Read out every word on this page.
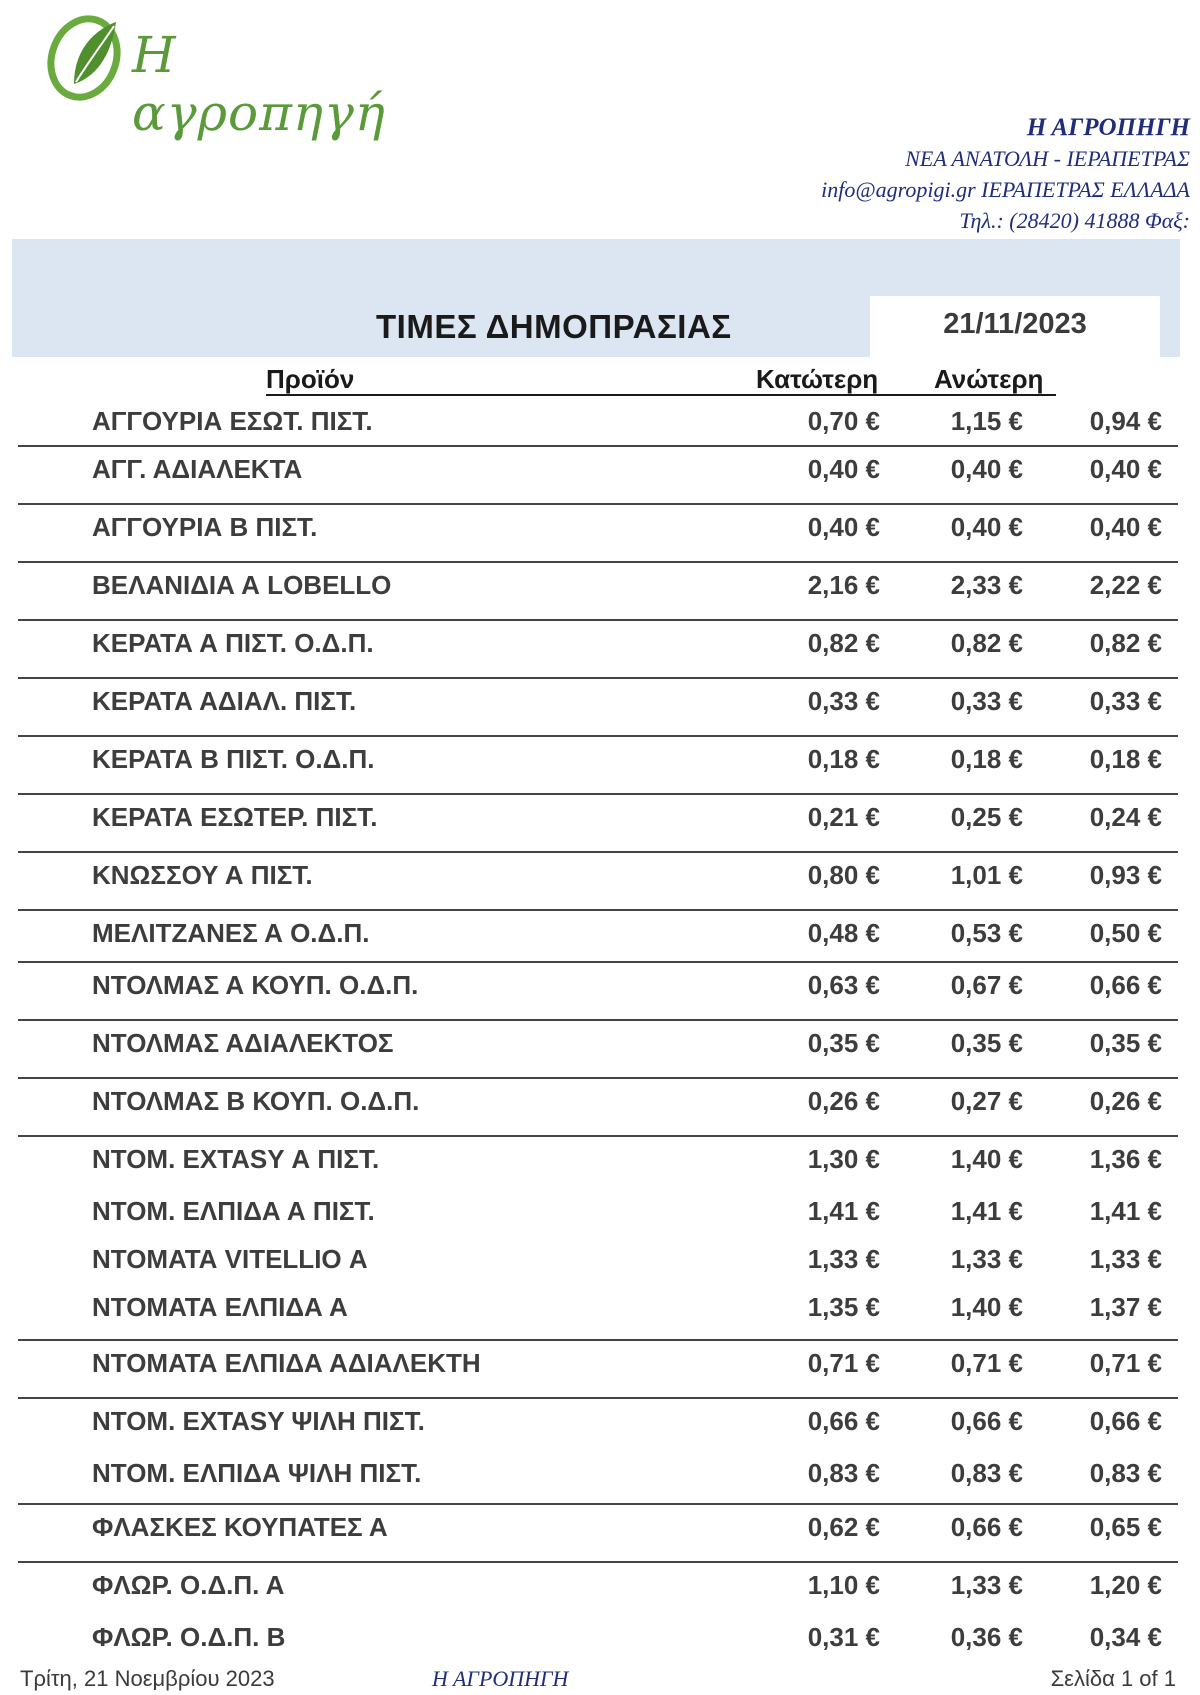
Η αγροπηγή	Η ΑΓΡΟΠΗΓΗ
ΝΕΑ ΑΝΑΤΟΛΗ - ΙΕΡΑΠΕΤΡΑΣ
info@agropigi.gr ΙΕΡΑΠΕΤΡΑΣ ΕΛΛΑΔΑ
Τηλ.: (28420) 41888 Φαξ:
ΤΙΜΕΣ ΔΗΜΟΠΡΑΣΙΑΣ	21/11/2023
Προϊόν	Κατώτερη Ανώτερη
ΑΓΓΟΥΡΙΑ ΕΣΩΤ. ΠΙΣΤ.	0,70 €	1,15 €	0,94 €
ΑΓΓ. ΑΔΙΑΛΕΚΤΑ	0,40 €	0,40 €	0,40 €
ΑΓΓΟΥΡΙΑ Β ΠΙΣΤ.	0,40 €	0,40 €	0,40 €
ΒΕΛΑΝΙΔΙΑ Α LOBELLO	2,16 €	2,33 €	2,22 €
ΚΕΡΑΤΑ Α ΠΙΣΤ. Ο.Δ.Π.	0,82 €	0,82 €	0,82 €
ΚΕΡΑΤΑ ΑΔΙΑΛ. ΠΙΣΤ.	0,33 €	0,33 €	0,33 €
ΚΕΡΑΤΑ Β ΠΙΣΤ. Ο.Δ.Π.	0,18 €	0,18 €	0,18 €
ΚΕΡΑΤΑ ΕΣΩΤΕΡ. ΠΙΣΤ.	0,21 €	0,25 €	0,24 €
ΚΝΩΣΣΟΥ Α ΠΙΣΤ.	0,80 €	1,01 €	0,93 €
ΜΕΛΙΤΖΑΝΕΣ Α Ο.Δ.Π.	0,48 €	0,53 €	0,50 €
ΝΤΟΛΜΑΣ Α ΚΟΥΠ. Ο.Δ.Π.	0,63 €	0,67 €	0,66 €
ΝΤΟΛΜΑΣ ΑΔΙΑΛΕΚΤΟΣ	0,35 €	0,35 €	0,35 €
ΝΤΟΛΜΑΣ Β ΚΟΥΠ. Ο.Δ.Π.	0,26 €	0,27 €	0,26 €
ΝΤΟΜ. EXTASY Α ΠΙΣΤ.	1,30 €	1,40 €	1,36 €
ΝΤΟΜ. ΕΛΠΙΔΑ Α ΠΙΣΤ.	1,41 €	1,41 €	1,41 €
ΝΤΟΜΑΤΑ VITELLIO Α	1,33 €	1,33 €	1,33 €
ΝΤΟΜΑΤΑ ΕΛΠΙΔΑ Α	1,35 €	1,40 €	1,37 €
ΝΤΟΜΑΤΑ ΕΛΠΙΔΑ ΑΔΙΑΛΕΚΤΗ	0,71 €	0,71 €	0,71 €
ΝΤΟΜ. EXTASY ΨΙΛΗ ΠΙΣΤ.	0,66 €	0,66 €	0,66 €
ΝΤΟΜ. ΕΛΠΙΔΑ ΨΙΛΗ ΠΙΣΤ.	0,83 €	0,83 €	0,83 €
ΦΛΑΣΚΕΣ ΚΟΥΠΑΤΕΣ Α	0,62 €	0,66 €	0,65 €
ΦΛΩΡ. Ο.Δ.Π. Α	1,10 €	1,33 €	1,20 €
ΦΛΩΡ. Ο.Δ.Π. Β	0,31 €	0,36 €	0,34 €
Τρίτη, 21 Νοεμβρίου 2023	Η ΑΓΡΟΠΗΓΗ	Σελίδα 1 of 1
